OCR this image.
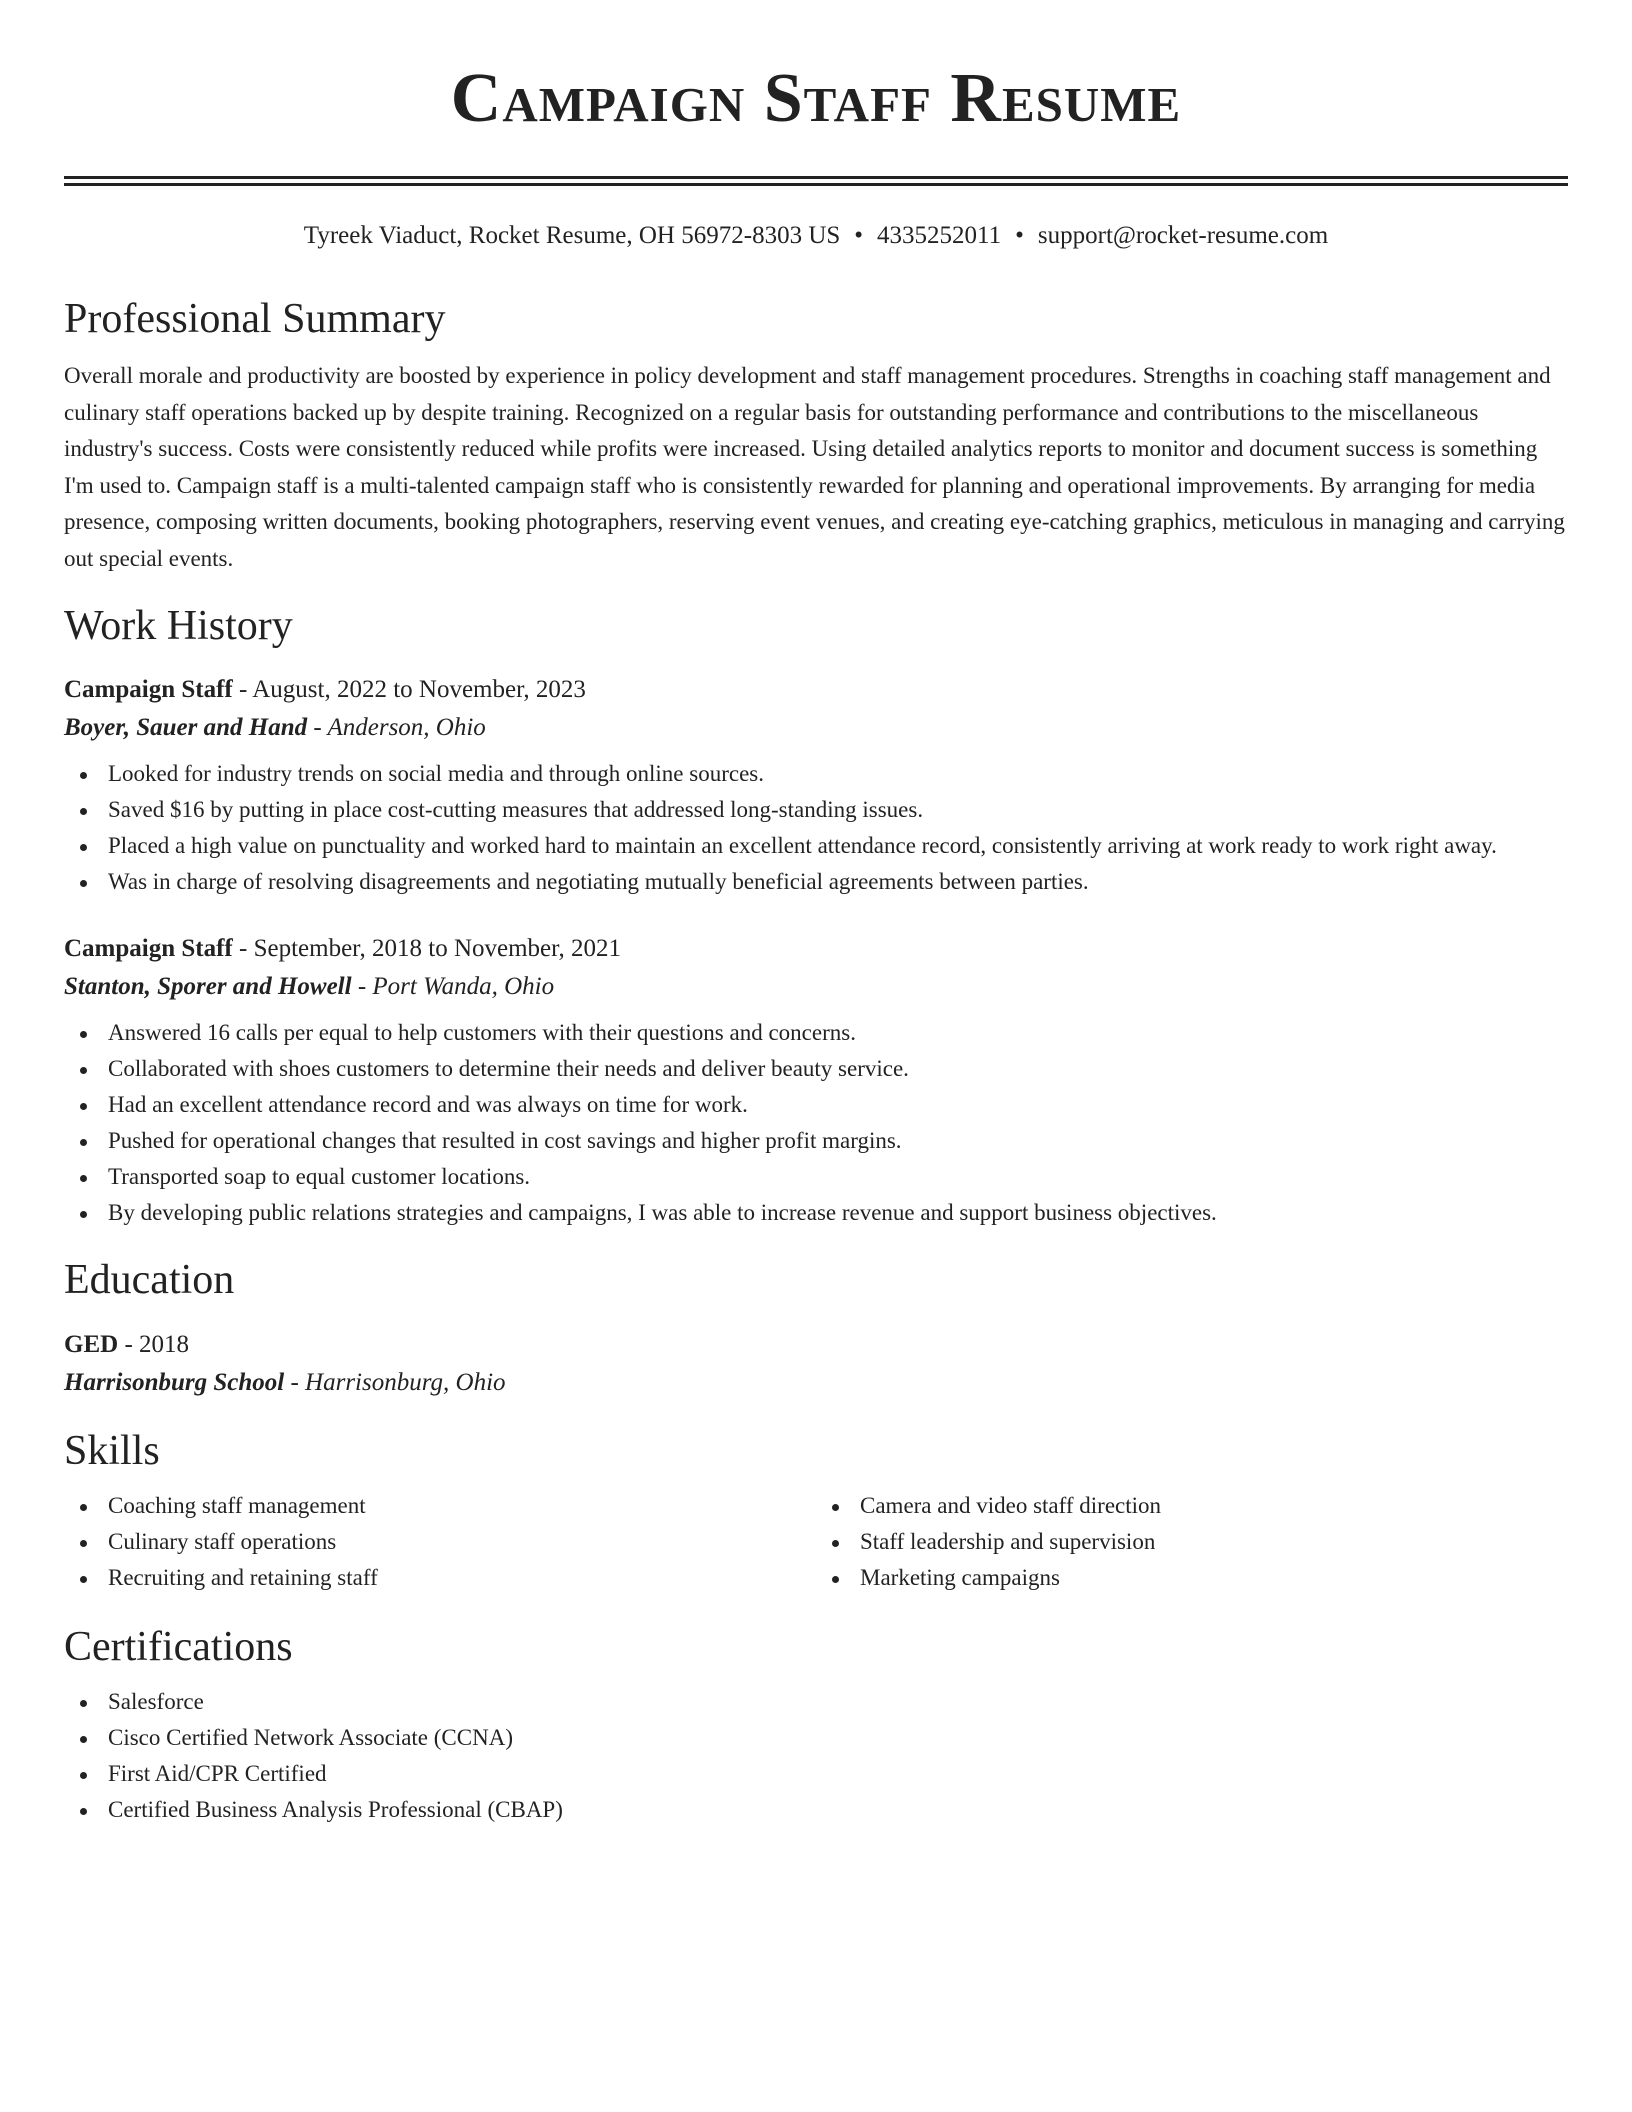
Campaign Staff Resume
Tyreek Viaduct, Rocket Resume, OH 56972-8303 US • 4335252011 • support@rocket-resume.com
Professional Summary
Overall morale and productivity are boosted by experience in policy development and staff management procedures. Strengths in coaching staff management and culinary staff operations backed up by despite training. Recognized on a regular basis for outstanding performance and contributions to the miscellaneous industry's success. Costs were consistently reduced while profits were increased. Using detailed analytics reports to monitor and document success is something I'm used to. Campaign staff is a multi-talented campaign staff who is consistently rewarded for planning and operational improvements. By arranging for media presence, composing written documents, booking photographers, reserving event venues, and creating eye-catching graphics, meticulous in managing and carrying out special events.
Work History
Campaign Staff - August, 2022 to November, 2023
Boyer, Sauer and Hand - Anderson, Ohio
Looked for industry trends on social media and through online sources.
Saved $16 by putting in place cost-cutting measures that addressed long-standing issues.
Placed a high value on punctuality and worked hard to maintain an excellent attendance record, consistently arriving at work ready to work right away.
Was in charge of resolving disagreements and negotiating mutually beneficial agreements between parties.
Campaign Staff - September, 2018 to November, 2021
Stanton, Sporer and Howell - Port Wanda, Ohio
Answered 16 calls per equal to help customers with their questions and concerns.
Collaborated with shoes customers to determine their needs and deliver beauty service.
Had an excellent attendance record and was always on time for work.
Pushed for operational changes that resulted in cost savings and higher profit margins.
Transported soap to equal customer locations.
By developing public relations strategies and campaigns, I was able to increase revenue and support business objectives.
Education
GED - 2018
Harrisonburg School - Harrisonburg, Ohio
Skills
Coaching staff management
Culinary staff operations
Recruiting and retaining staff
Camera and video staff direction
Staff leadership and supervision
Marketing campaigns
Certifications
Salesforce
Cisco Certified Network Associate (CCNA)
First Aid/CPR Certified
Certified Business Analysis Professional (CBAP)
